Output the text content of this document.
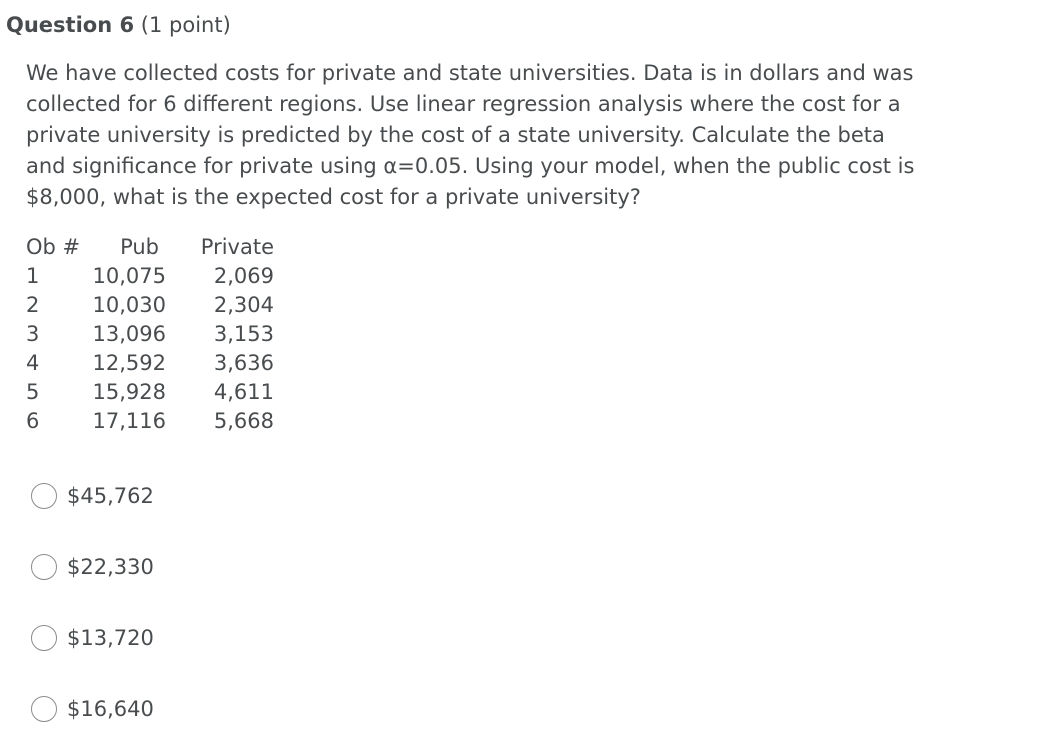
Question 6 (1 point)

We have collected costs for private and state universities. Data is in dollars and was collected for 6 different regions. Use linear regression analysis where the cost for a private university is predicted by the cost of a state university. Calculate the beta and significance for private using α=0.05. Using your model, when the public cost is $8,000, what is the expected cost for a private university?

Ob #	Pub	Private
1	10,075	2,069
2	10,030	2,304
3	13,096	3,153
4	12,592	3,636
5	15,928	4,611
6	17,116	5,668
$45,762
$22,330
$13,720
$16,640
